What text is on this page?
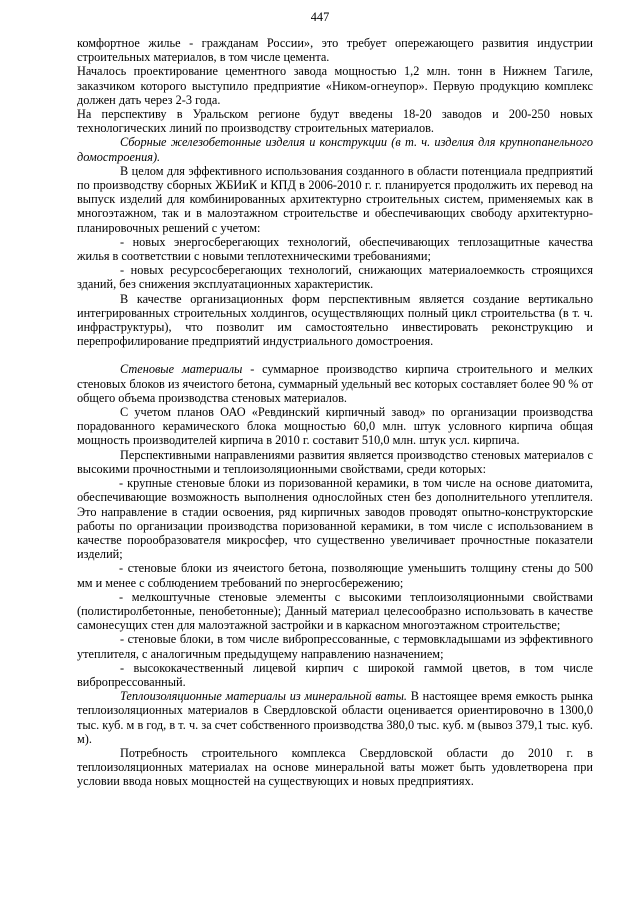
447

комфортное жилье - гражданам России», это требует опережающего развития индустрии строительных материалов, в том числе цемента.

Началось проектирование цементного завода мощностью 1,2 млн. тонн в Нижнем Тагиле, заказчиком которого выступило предприятие «Ником-огнеупор». Первую продукцию комплекс должен дать через 2-3 года.

На перспективу в Уральском регионе будут введены 18-20 заводов и 200-250 новых технологических линий по производству строительных материалов.

Сборные железобетонные изделия и конструкции (в т. ч. изделия для крупнопанельного домостроения).

В целом для эффективного использования созданного в области потенциала предприятий по производству сборных ЖБИиК и КПД в 2006-2010 г. г. планируется продолжить их перевод на выпуск изделий для комбинированных архитектурно строительных систем, применяемых как в многоэтажном, так и в малоэтажном строительстве и обеспечивающих свободу архитектурно-планировочных решений с учетом:

- новых энергосберегающих технологий, обеспечивающих теплозащитные качества жилья в соответствии с новыми теплотехническими требованиями;

- новых ресурсосберегающих технологий, снижающих материалоемкость строящихся зданий, без снижения эксплуатационных характеристик.

В качестве организационных форм перспективным является создание вертикально интегрированных строительных холдингов, осуществляющих полный цикл строительства (в т. ч. инфраструктуры), что позволит им самостоятельно инвестировать реконструкцию и перепрофилирование предприятий индустриального домостроения.

Стеновые материалы - суммарное производство кирпича строительного и мелких стеновых блоков из ячеистого бетона, суммарный удельный вес которых составляет более 90 % от общего объема производства стеновых материалов.

С учетом планов ОАО «Ревдинский кирпичный завод» по организации производства порадованного керамического блока мощностью 60,0 млн. штук условного кирпича общая мощность производителей кирпича в 2010 г. составит 510,0 млн. штук усл. кирпича.

Перспективными направлениями развития является производство стеновых материалов с высокими прочностными и теплоизоляционными свойствами, среди которых:

- крупные стеновые блоки из поризованной керамики, в том числе на основе диатомита, обеспечивающие возможность выполнения однослойных стен без дополнительного утеплителя. Это направление в стадии освоения, ряд кирпичных заводов проводят опытно-конструкторские работы по организации производства поризованной керамики, в том числе с использованием в качестве порообразователя микросфер, что существенно увеличивает прочностные показатели изделий;

- стеновые блоки из ячеистого бетона, позволяющие уменьшить толщину стены до 500 мм и менее с соблюдением требований по энергосбережению;

- мелкоштучные стеновые элементы с высокими теплоизоляционными свойствами (полистиролбетонные, пенобетонные); Данный материал целесообразно использовать в качестве самонесущих стен для малоэтажной застройки и в каркасном многоэтажном строительстве;

- стеновые блоки, в том числе вибропрессованные, с термовкладышами из эффективного утеплителя, с аналогичным предыдущему направлению назначением;

- высококачественный лицевой кирпич с широкой гаммой цветов, в том числе вибропрессованный.

Теплоизоляционные материалы из минеральной ваты. В настоящее время емкость рынка теплоизоляционных материалов в Свердловской области оценивается ориентировочно в 1300,0 тыс. куб. м в год, в т. ч. за счет собственного производства 380,0 тыс. куб. м (вывоз 379,1 тыс. куб. м).

Потребность строительного комплекса Свердловской области до 2010 г. в теплоизоляционных материалах на основе минеральной ваты может быть удовлетворена при условии ввода новых мощностей на существующих и новых предприятиях.
